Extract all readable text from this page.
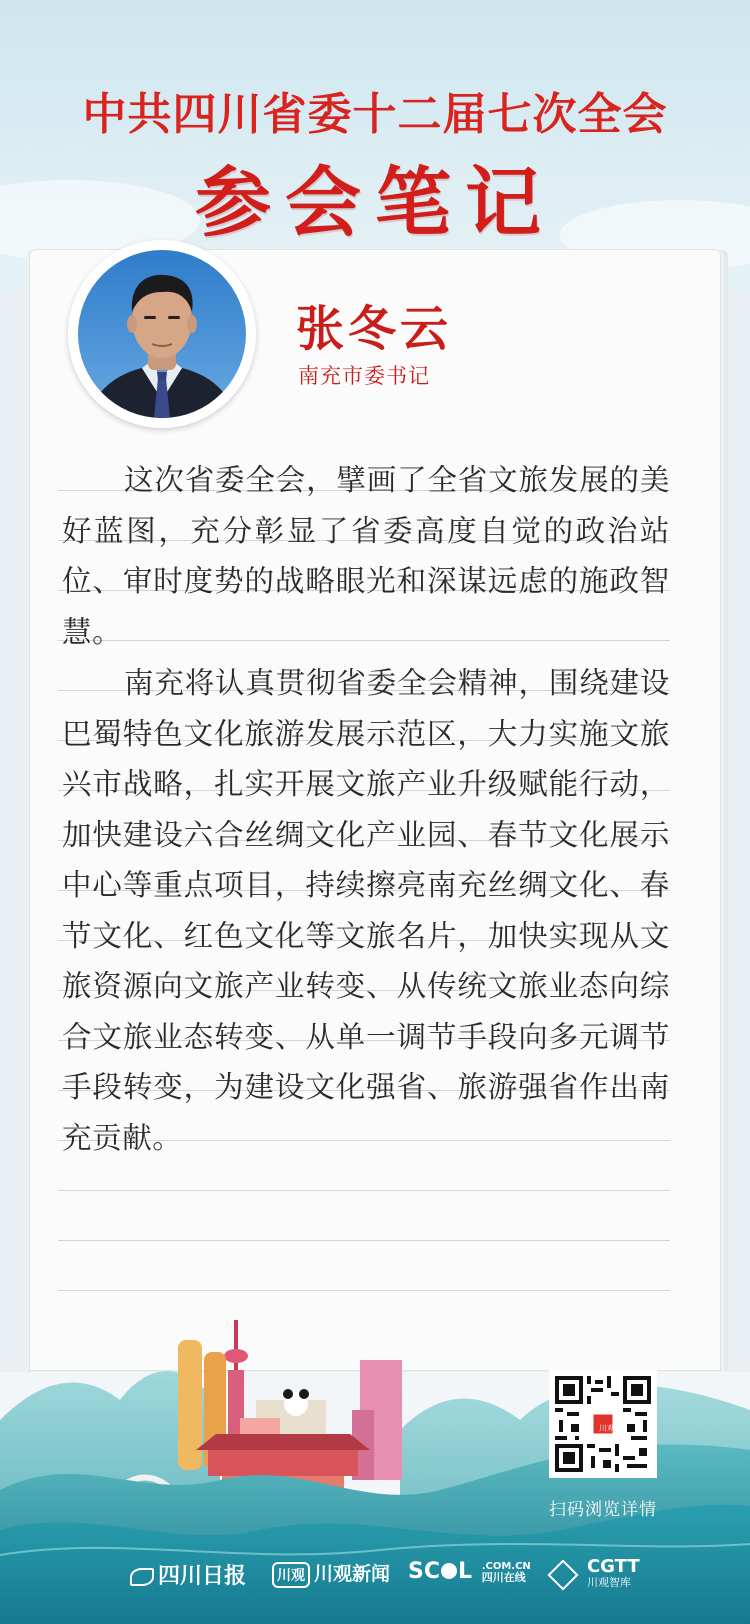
中共四川省委十二届七次全会
参会笔记
张冬云
南充市委书记

这次省委全会，擘画了全省文旅发展的美好蓝图，充分彰显了省委高度自觉的政治站位、审时度势的战略眼光和深谋远虑的施政智慧。

南充将认真贯彻省委全会精神，围绕建设巴蜀特色文化旅游发展示范区，大力实施文旅兴市战略，扎实开展文旅产业升级赋能行动，加快建设六合丝绸文化产业园、春节文化展示中心等重点项目，持续擦亮南充丝绸文化、春节文化、红色文化等文旅名片，加快实现从文旅资源向文旅产业转变、从传统文旅业态向综合文旅业态转变、从单一调节手段向多元调节手段转变，为建设文化强省、旅游强省作出南充贡献。

川观
扫码浏览详情
四川日报	川观 川观新闻 SC L .COM.CN
四川在线

CGTT
川观智库
